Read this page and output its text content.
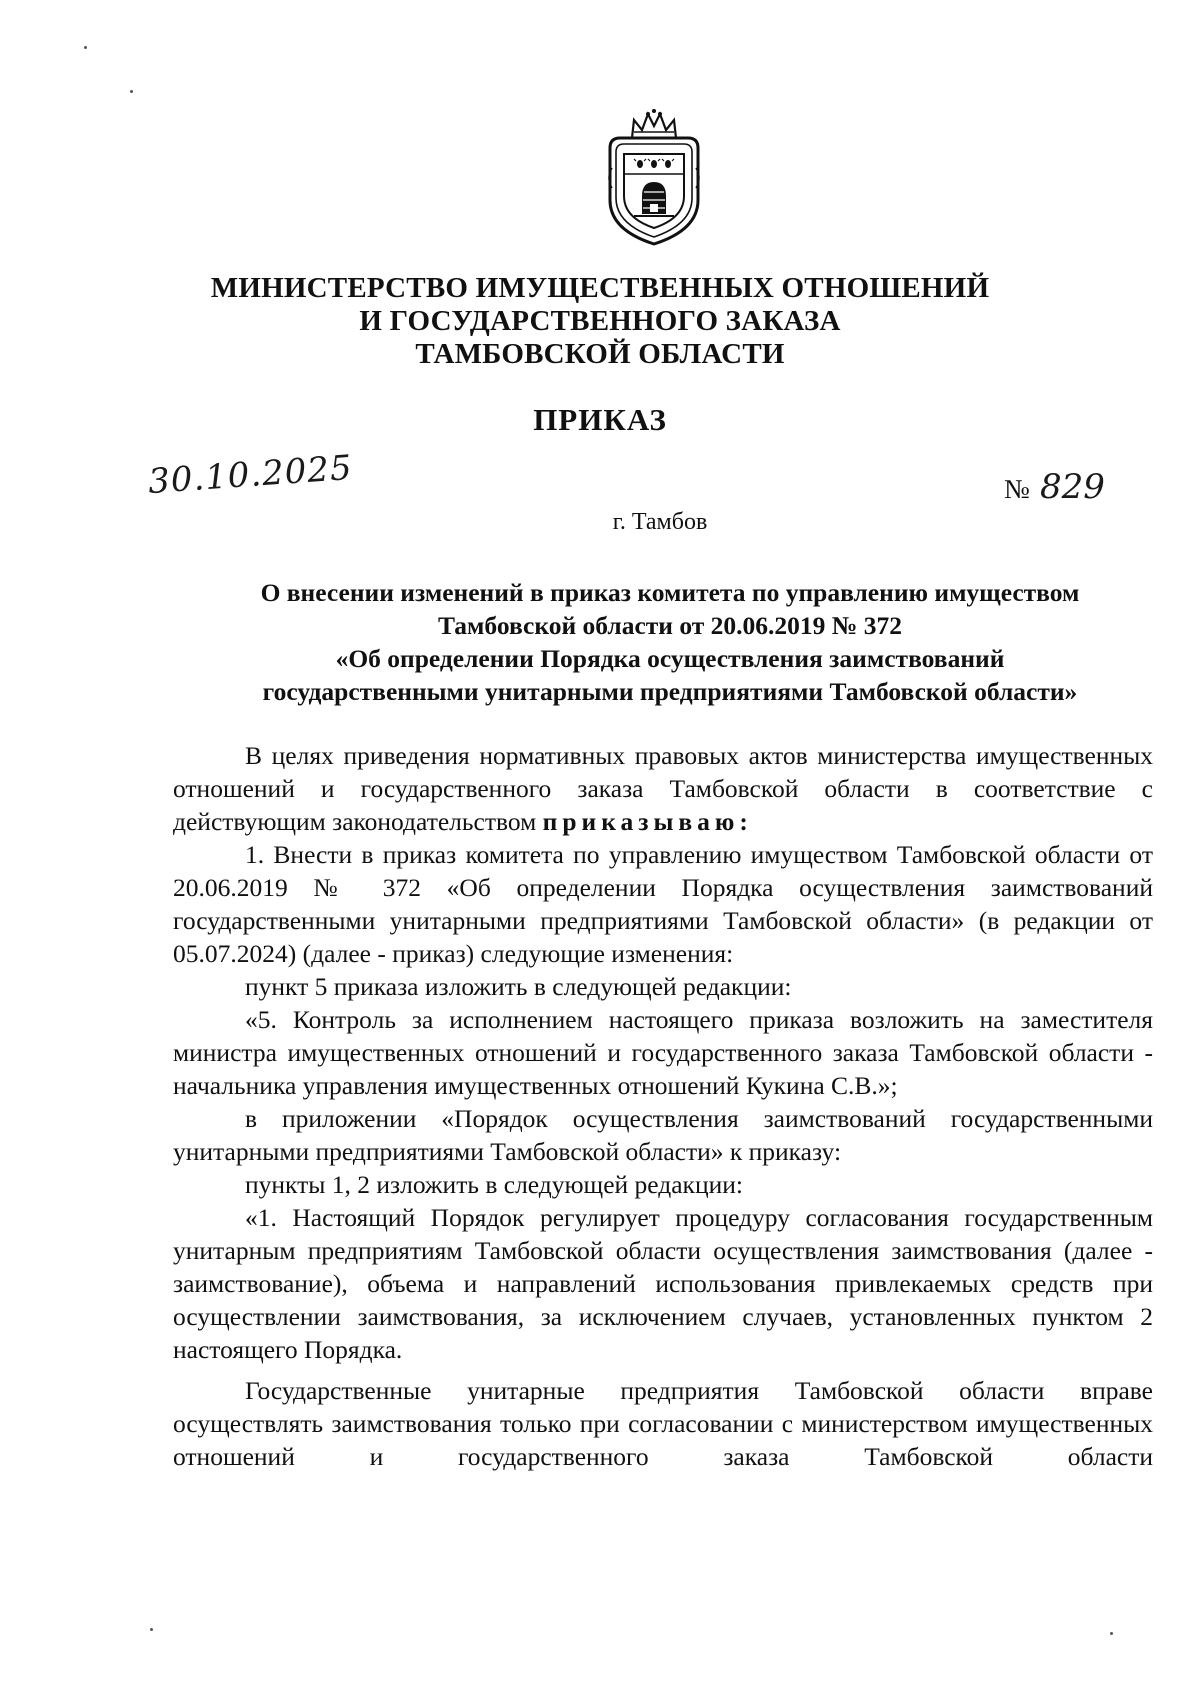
МИНИСТЕРСТВО ИМУЩЕСТВЕННЫХ ОТНОШЕНИЙ
И ГОСУДАРСТВЕННОГО ЗАКАЗА
ТАМБОВСКОЙ ОБЛАСТИ
ПРИКАЗ
30.10.2025	№ 829
г. Тамбов
О внесении изменений в приказ комитета по управлению имуществом
Тамбовской области от 20.06.2019 № 372
«Об определении Порядка осуществления заимствований
государственными унитарными предприятиями Тамбовской области»

В целях приведения нормативных правовых актов министерства имущественных отношений и государственного заказа Тамбовской области в соответствие с действующим законодательством приказываю:

1. Внести в приказ комитета по управлению имуществом Тамбовской области от 20.06.2019 № 372 «Об определении Порядка осуществления заимствований государственными унитарными предприятиями Тамбовской области» (в редакции от 05.07.2024) (далее - приказ) следующие изменения:

пункт 5 приказа изложить в следующей редакции:

«5. Контроль за исполнением настоящего приказа возложить на заместителя министра имущественных отношений и государственного заказа Тамбовской области - начальника управления имущественных отношений Кукина С.В.»;

в приложении «Порядок осуществления заимствований государственными унитарными предприятиями Тамбовской области» к приказу:

пункты 1, 2 изложить в следующей редакции:

«1. Настоящий Порядок регулирует процедуру согласования государственным унитарным предприятиям Тамбовской области осуществления заимствования (далее - заимствование), объема и направлений использования привлекаемых средств при осуществлении заимствования, за исключением случаев, установленных пунктом 2 настоящего Порядка.

Государственные унитарные предприятия Тамбовской области вправе осуществлять заимствования только при согласовании с министерством имущественных отношений и государственного заказа Тамбовской области
